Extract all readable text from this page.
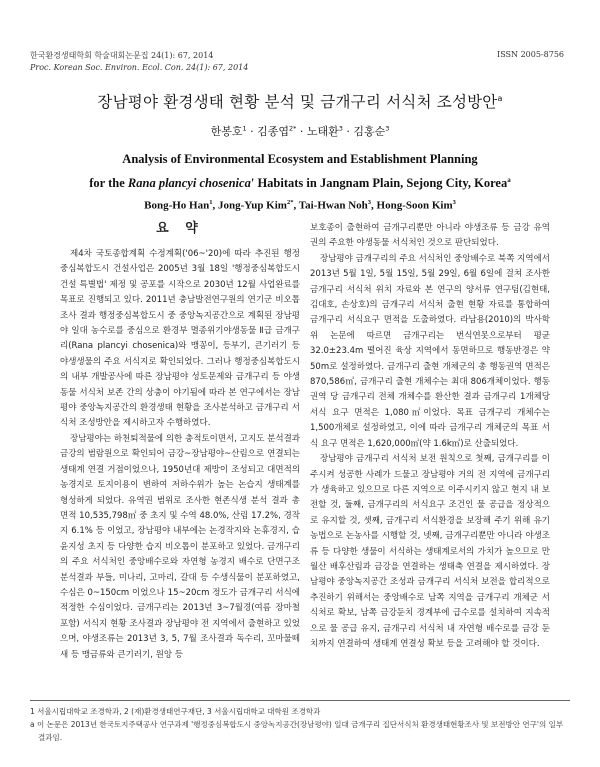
한국환경생태학회 학술대회논문집 24(1): 67, 2014
Proc. Korean Soc. Environ. Ecol. Con. 24(1): 67, 2014
ISSN 2005-8756
장남평야 환경생태 현황 분석 및 금개구리 서식처 조성방안$^a$
한봉호$^1$ · 김종엽$^{2*}$ · 노태환$^3$ · 김홍순$^3$
Analysis of Environmental Ecosystem and Establishment Planning
for the Rana plancyi chosenica' Habitats in Jangnam Plain, Sejong City, Korea$^a$
Bong-Ho Han$^1$, Jong-Yup Kim$^{2*}$, Tai-Hwan Noh$^3$, Hong-Soon Kim$^3$
요 약

제4차 국토종합계획 수정계획('06~'20)에 따라 추진된 행정중심복합도시 건설사업은 2005년 3월 18일 '행정중심복합도시 건설 특별법' 제정 및 공포를 시작으로 2030년 12월 사업완료를 목표로 진행되고 있다. 2011년 충남발전연구원의 연기군 비오톱 조사 결과 행정중심복합도시 중 중앙녹지공간으로 계획된 장남평야 일대 농수로를 중심으로 환경부 멸종위기야생동물 Ⅱ급 금개구리(Rana plancyi chosenica)와 맹꽁이, 등부기, 큰기러기 등 야생생물의 주요 서식지로 확인되었다. 그러나 행정중심복합도시의 내부 개발공사에 따른 장남평야 성토문제와 금개구리 등 야생동물 서식처 보존 간의 상충이 야기됨에 따라 본 연구에서는 장남평야 중앙녹지공간의 환경생태 현황을 조사분석하고 금개구리 서식처 조성방안을 제시하고자 수행하였다.

장남평야는 하천퇴적물에 의한 충적토이면서, 고지도 분석결과 금강의 범람원으로 확인되어 금강~장남평야~산림으로 연결되는 생태계 연결 거점이었으나, 1950년대 제방이 조성되고 대면적의 농경지로 토지이용이 변하여 저하수위가 높는 논습지 생태계를 형성하게 되었다. 유역권 범위로 조사한 현존식생 분석 결과 총 면적 10,535,798㎡ 중 초지 및 수역 48.0%, 산림 17.2%, 경작지 6.1% 등 이었고, 장남평야 내부에는 논경작지와 논휴경지, 습윤지성 초지 등 다양한 습지 비오톱이 분포하고 있었다. 금개구리의 주요 서식처인 중앙배수로와 자연형 농경지 배수로 단면구조 분석결과 부들, 미나리, 고마리, 갈대 등 수생식물이 분포하였고, 수심은 0~150cm 이었으나 15~20cm 정도가 금개구리 서식에 적정한 수심이었다. 금개구리는 2013년 3~7월경(여름 장마철 포함) 서식지 현황 조사결과 장남평야 전 지역에서 출현하고 있었으며, 야생조류는 2013년 3, 5, 7월 조사결과 독수리, 꼬마물떼새 등 맹금류와 큰기러기, 원앙 등

보호종이 출현하여 금개구리뿐만 아니라 야생조류 등 금강 유역권의 주요한 야생동물 서식처인 것으로 판단되었다.

장남평야 금개구리의 주요 서식처인 중앙배수로 북쪽 지역에서 2013년 5월 1일, 5월 15일, 5월 29일, 6월 6일에 걸쳐 조사한 금개구리 서식처 위치 자료와 본 연구의 양서류 연구팀(김현태, 김대호, 손상호)의 금개구리 서식처 출현 현황 자료를 통합하여 금개구리 서식요구 면적을 도출하였다. 라남용(2010)의 박사학위 논문에 따르면 금개구리는 번식연못으로부터 평균 32.0±23.4m 떨어진 육상 지역에서 동면하므로 행동반경은 약 50m로 설정하였다. 금개구리 출현 개체군의 총 행동권역 면적은 870,586㎡, 금개구리 출현 개체수는 최대 806개체이었다. 행동권역 당 금개구리 전체 개체수를 환산한 결과 금개구리 1개체당 서식 요구 면적은 1,080㎡이었다. 목표 금개구리 개체수는 1,500개체로 설정하였고, 이에 따라 금개구리 개체군의 목표 서식 요구 면적은 1,620,000㎡(약 1.6k㎡)로 산출되었다.

장남평야 금개구리 서식처 보전 원칙으로 첫째, 금개구리를 이주시켜 성공한 사례가 드물고 장남평야 거의 전 지역에 금개구리가 생육하고 있으므로 다른 지역으로 이주시키지 않고 현지 내 보전할 것, 둘째, 금개구리의 서식요구 조건인 물 공급을 정상적으로 유지할 것, 셋째, 금개구리 서식환경을 보장해 주기 위해 유기농법으로 논농사를 시행할 것, 넷째, 금개구리뿐만 아니라 야생조류 등 다양한 생물이 서식하는 생태계로서의 가치가 높으므로 만월산 배후산림과 금강을 연결하는 생태축 연결을 제시하였다. 장남평야 중앙녹지공간 조성과 금개구리 서식처 보전을 합리적으로 추진하기 위해서는 중앙배수로 남쪽 지역을 금개구리 개체군 서식처로 확보, 남쪽 금강둔치 경계부에 급수로를 설치하여 지속적으로 물 공급 유지, 금개구리 서식처 내 자연형 배수로를 금강 둔치까지 연결하여 생태계 연결성 확보 등을 고려해야 할 것이다.

1 서울시립대학교 조경학과, 2 (재)환경생태연구재단, 3 서울시립대학교 대학원 조경학과
a 이 논문은 2013년 한국토지주택공사 연구과제 '행정중심복합도시 중앙녹지공간(장남평야) 일대 금개구리 집단서식처 환경생태현황조사 및 보전방안 연구'의 일부 결과임.
